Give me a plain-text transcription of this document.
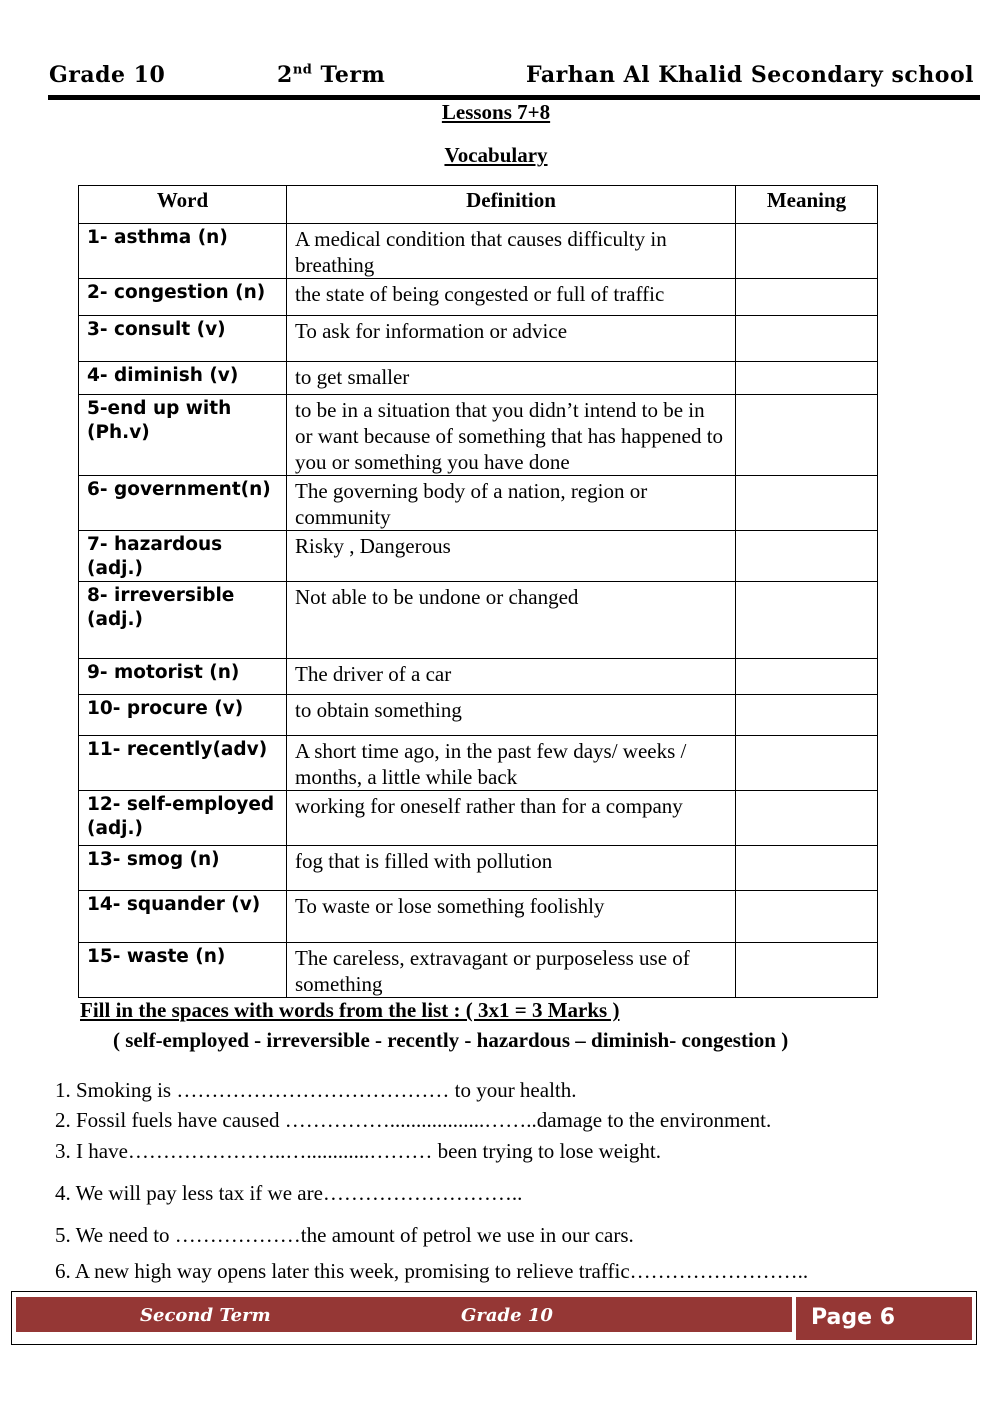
Grade 10	2nd Term	Farhan Al Khalid Secondary school
Lessons 7+8
Vocabulary
Word	Definition	Meaning
1- asthma (n)	A medical condition that causes difficulty in breathing	
2- congestion (n)	the state of being congested or full of traffic	
3- consult (v)	To ask for information or advice	
4- diminish (v)	to get smaller	
5-end up with (Ph.v)	to be in a situation that you didn’t intend to be in or want because of something that has happened to you or something you have done	
6- government(n)	The governing body of a nation, region or community	
7- hazardous (adj.)	Risky , Dangerous	
8- irreversible (adj.)	Not able to be undone or changed	
9- motorist (n)	The driver of a car	
10- procure (v)	to obtain something	
11- recently(adv)	A short time ago, in the past few days/ weeks / months, a little while back	
12- self-employed (adj.)	working for oneself rather than for a company	
13- smog (n)	fog that is filled with pollution	
14- squander (v)	To waste or lose something foolishly	
15- waste (n)	The careless, extravagant or purposeless use of something	
Fill in the spaces with words from the list : ( 3x1 = 3 Marks )
( self-employed - irreversible - recently - hazardous – diminish- congestion )
1. Smoking is ………………………………… to your health.
2. Fossil fuels have caused ……………..................……..damage to the environment.
3. I have…………………..…............……… been trying to lose weight.
4. We will pay less tax if we are………………………..
5. We need to ………………the amount of petrol we use in our cars.
6. A new high way opens later this week, promising to relieve traffic……………………..
Second Term	Grade 10	Page 6
